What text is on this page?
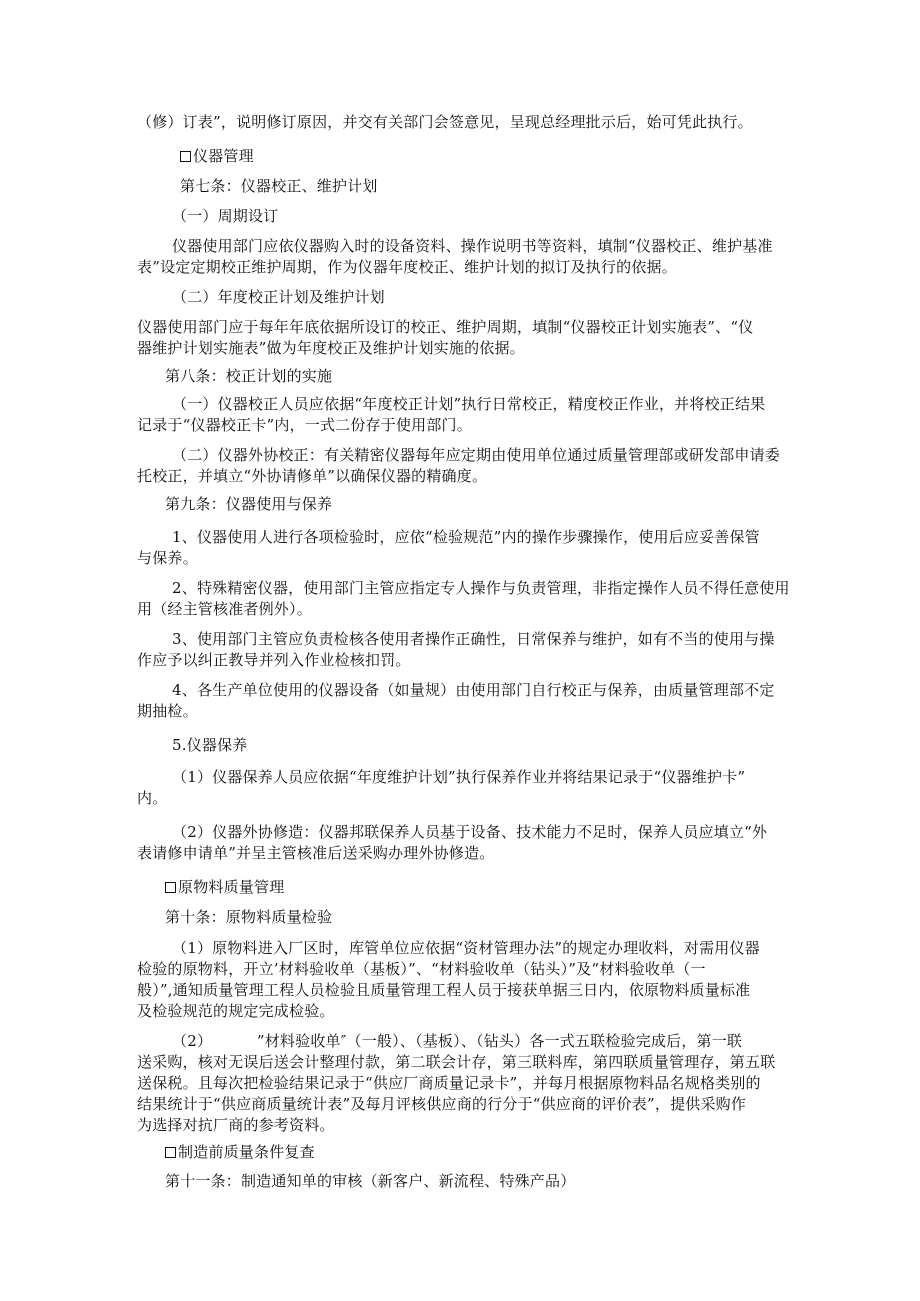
（修）订表”，说明修订原因，并交有关部门会签意见，呈现总经理批示后，始可凭此执行。

仪器管理

第七条：仪器校正、维护计划

（一）周期设订

仪器使用部门应依仪器购入时的设备资料、操作说明书等资料，填制“仪器校正、维护基准

表”设定定期校正维护周期，作为仪器年度校正、维护计划的拟订及执行的依据。

（二）年度校正计划及维护计划

仪器使用部门应于每年年底依据所设订的校正、维护周期，填制“仪器校正计划实施表”、“仪

器维护计划实施表”做为年度校正及维护计划实施的依据。

第八条：校正计划的实施

（一）仪器校正人员应依据“年度校正计划”执行日常校正，精度校正作业，并将校正结果

记录于“仪器校正卡”内，一式二份存于使用部门。

（二）仪器外协校正：有关精密仪器每年应定期由使用单位通过质量管理部或研发部申请委

托校正，并填立“外协请修单”以确保仪器的精确度。

第九条：仪器使用与保养

1、仪器使用人进行各项检验时，应依“检验规范”内的操作步骤操作，使用后应妥善保管

与保养。

2、特殊精密仪器，使用部门主管应指定专人操作与负责管理，非指定操作人员不得任意使用

用（经主管核准者例外）。

3、使用部门主管应负责检核各使用者操作正确性，日常保养与维护，如有不当的使用与操

作应予以纠正教导并列入作业检核扣罚。

4、各生产单位使用的仪器设备（如量规）由使用部门自行校正与保养，由质量管理部不定

期抽检。

5.仪器保养

（1）仪器保养人员应依据“年度维护计划”执行保养作业并将结果记录于“仪器维护卡”

内。

（2）仪器外协修造：仪器邦联保养人员基于设备、技术能力不足时，保养人员应填立“外

表请修申请单”并呈主管核准后送采购办理外协修造。

原物料质量管理

第十条：原物料质量检验

（1）原物料进入厂区时，库管单位应依据“资材管理办法”的规定办理收料，对需用仪器

检验的原物料，开立’材料验收单（基板）”、“材料验收单（钻头）”及“材料验收单（一

般）”,通知质量管理工程人员检验且质量管理工程人员于接获单据三日内，依原物料质量标准

及检验规范的规定完成检验。

（2）         ”材料验收单″（一般）、（基板）、（钻头）各一式五联检验完成后，第一联

送采购，核对无误后送会计整理付款，第二联会计存，第三联料库，第四联质量管理存，第五联

送保税。且每次把检验结果记录于“供应厂商质量记录卡”，并每月根据原物料品名规格类别的

结果统计于“供应商质量统计表”及每月评核供应商的行分于“供应商的评价表”，提供采购作

为选择对抗厂商的参考资料。

制造前质量条件复查

第十一条：制造通知单的审核（新客户、新流程、特殊产品）
